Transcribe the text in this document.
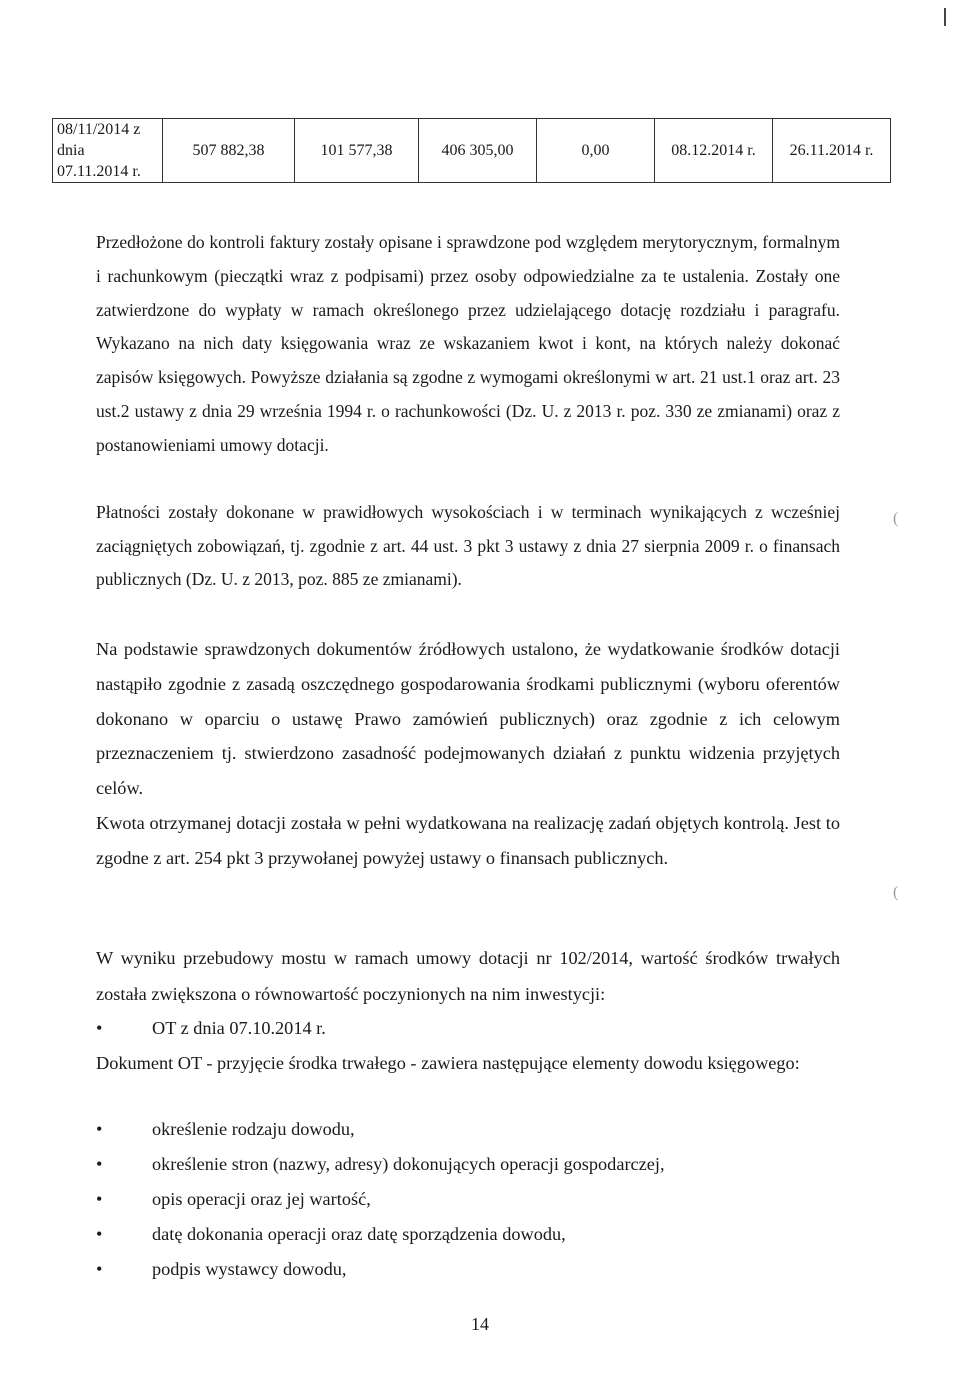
08/11/2014 z
dnia
07.11.2014 r.
	507 882,38	101 577,38	406 305,00	0,00	08.12.2014 r.	26.11.2014 r.

Przedłożone do kontroli faktury zostały opisane i sprawdzone pod względem merytorycznym, formalnym i rachunkowym (pieczątki wraz z podpisami) przez osoby odpowiedzialne za te ustalenia. Zostały one zatwierdzone do wypłaty w ramach określonego przez udzielającego dotację rozdziału i paragrafu. Wykazano na nich daty księgowania wraz ze wskazaniem kwot i kont, na których należy dokonać zapisów księgowych. Powyższe działania są zgodne z wymogami określonymi w art. 21 ust.1 oraz art. 23 ust.2 ustawy z dnia 29 września 1994 r. o rachunkowości (Dz. U. z 2013 r. poz. 330 ze zmianami) oraz z postanowieniami umowy dotacji.

Płatności zostały dokonane w prawidłowych wysokościach i w terminach wynikających z wcześniej zaciągniętych zobowiązań, tj. zgodnie z art. 44 ust. 3 pkt 3 ustawy z dnia 27 sierpnia 2009 r. o finansach publicznych (Dz. U. z 2013, poz. 885 ze zmianami).

Na podstawie sprawdzonych dokumentów źródłowych ustalono, że wydatkowanie środków dotacji nastąpiło zgodnie z zasadą oszczędnego gospodarowania środkami publicznymi (wyboru oferentów dokonano w oparciu o ustawę Prawo zamówień publicznych) oraz zgodnie z ich celowym przeznaczeniem tj. stwierdzono zasadność podejmowanych działań z punktu widzenia przyjętych celów.
Kwota otrzymanej dotacji została w pełni wydatkowana na realizację zadań objętych kontrolą. Jest to zgodne z art. 254 pkt 3 przywołanej powyżej ustawy o finansach publicznych.

W wyniku przebudowy mostu w ramach umowy dotacji nr 102/2014, wartość środków trwałych została zwiększona o równowartość poczynionych na nim inwestycji:

•	OT z dnia 07.10.2014 r.

Dokument OT - przyjęcie środka trwałego - zawiera następujące elementy dowodu księgowego:

•	określenie rodzaju dowodu,
•	określenie stron (nazwy, adresy) dokonujących operacji gospodarczej,
•	opis operacji oraz jej wartość,
•	datę dokonania operacji oraz datę sporządzenia dowodu,
•	podpis wystawcy dowodu,
14
(
(
